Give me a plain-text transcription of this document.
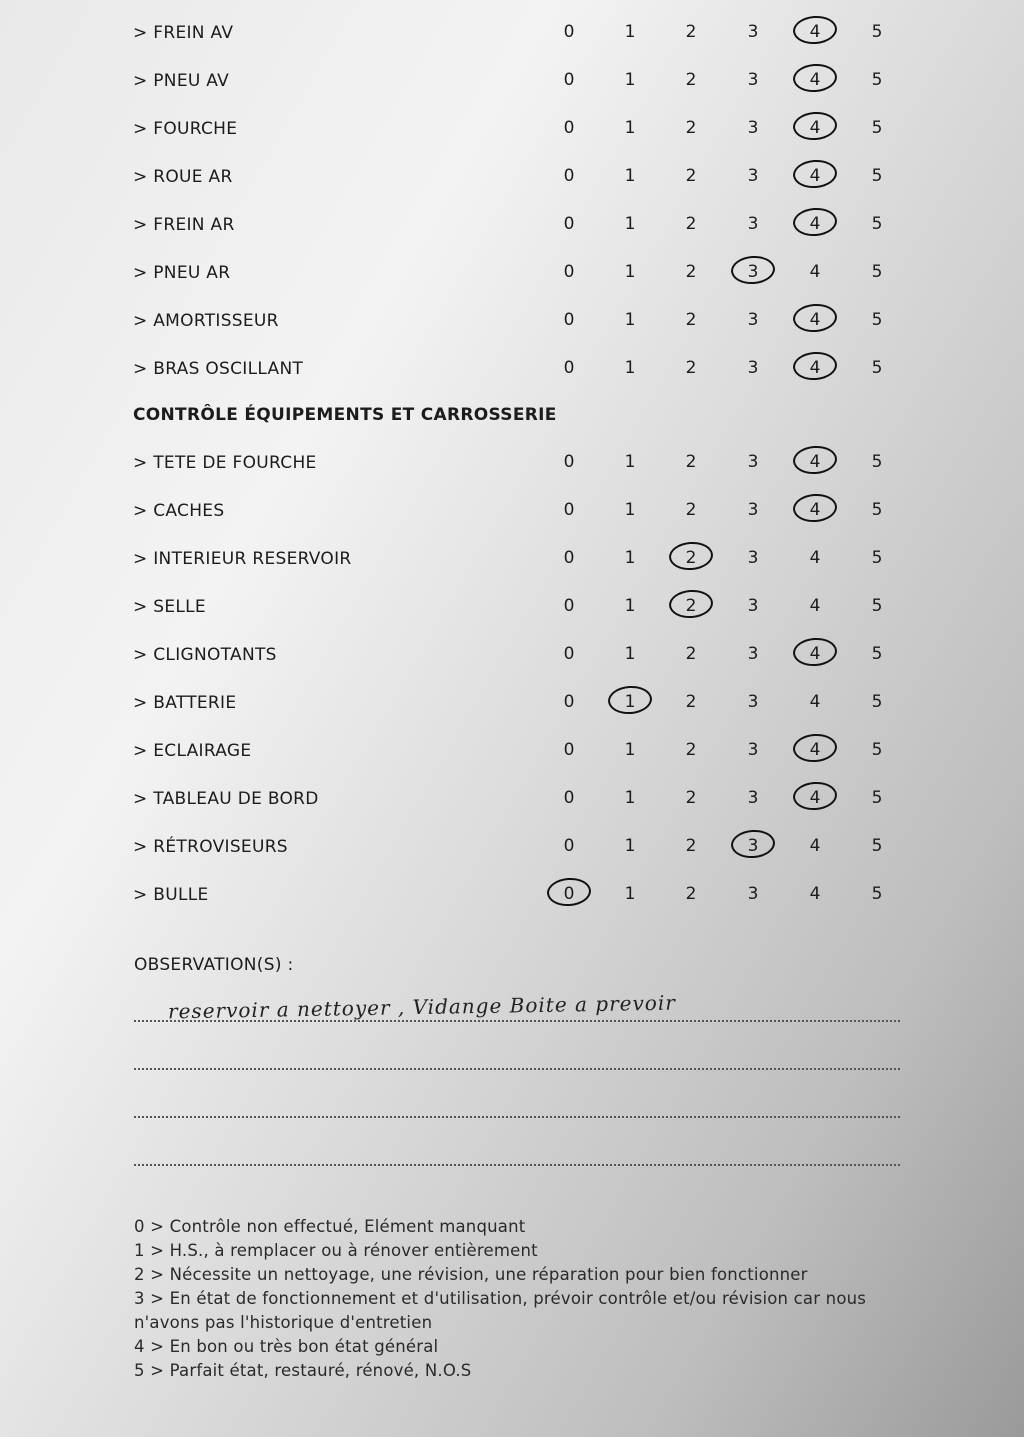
> FREIN AV	0	1	2	3	4	5
> PNEU AV	0	1	2	3	4	5
> FOURCHE	0	1	2	3	4	5
> ROUE AR	0	1	2	3	4	5
> FREIN AR	0	1	2	3	4	5
> PNEU AR	0	1	2	3	4	5
> AMORTISSEUR	0	1	2	3	4	5
> BRAS OSCILLANT	0	1	2	3	4	5
CONTRÔLE ÉQUIPEMENTS ET CARROSSERIE
> TETE DE FOURCHE	0	1	2	3	4	5
> CACHES	0	1	2	3	4	5
> INTERIEUR RESERVOIR	0	1	2	3	4	5
> SELLE	0	1	2	3	4	5
> CLIGNOTANTS	0	1	2	3	4	5
> BATTERIE	0	1	2	3	4	5
> ECLAIRAGE	0	1	2	3	4	5
> TABLEAU DE BORD	0	1	2	3	4	5
> RÉTROVISEURS	0	1	2	3	4	5
> BULLE	0	1	2	3	4	5
OBSERVATION(S) :
reservoir a nettoyer , Vidange Boite a prevoir
0 > Contrôle non effectué, Elément manquant
1 > H.S., à remplacer ou à rénover entièrement
2 > Nécessite un nettoyage, une révision, une réparation pour bien fonctionner
3 > En état de fonctionnement et d'utilisation, prévoir contrôle et/ou révision car nous
n'avons pas l'historique d'entretien
4 > En bon ou très bon état général
5 > Parfait état, restauré, rénové, N.O.S
